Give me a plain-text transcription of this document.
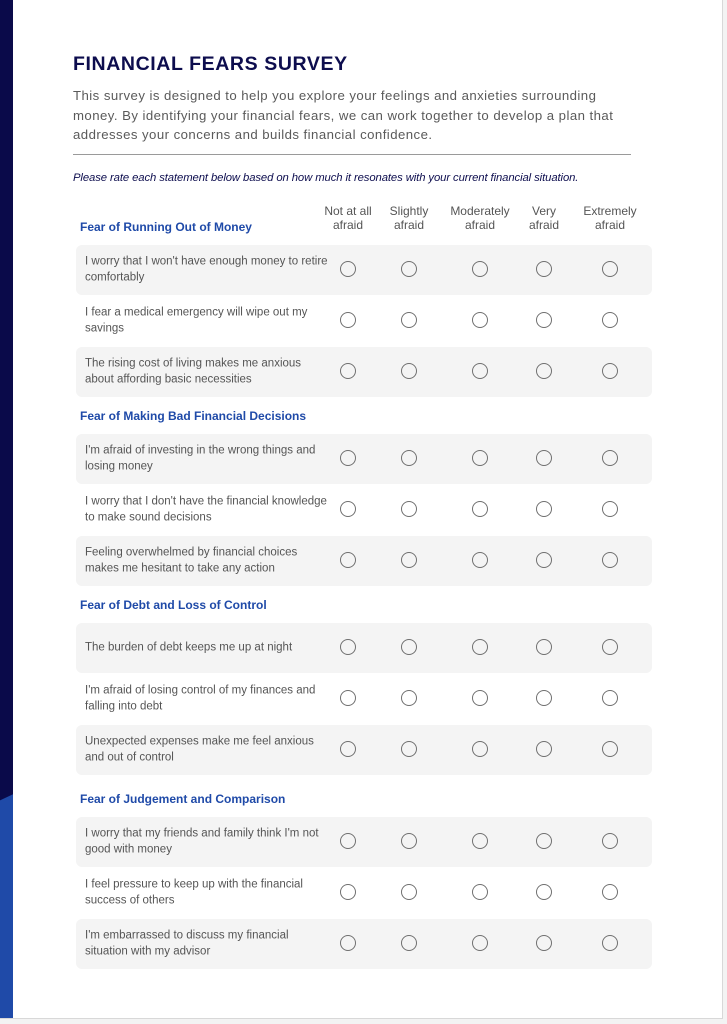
FINANCIAL FEARS SURVEY
This survey is designed to help you explore your feelings and anxieties surrounding money. By identifying your financial fears, we can work together to develop a plan that addresses your concerns and builds financial confidence.
Please rate each statement below based on how much it resonates with your current financial situation.
Not at all afraid
Slightly afraid
Moderately afraid
Very afraid
Extremely afraid
Fear of Running Out of Money
I worry that I won't have enough money to retire comfortably
I fear a medical emergency will wipe out my savings
The rising cost of living makes me anxious about affording basic necessities
Fear of Making Bad Financial Decisions
I'm afraid of investing in the wrong things and losing money
I worry that I don't have the financial knowledge to make sound decisions
Feeling overwhelmed by financial choices makes me hesitant to take any action
Fear of Debt and Loss of Control
The burden of debt keeps me up at night
I'm afraid of losing control of my finances and falling into debt
Unexpected expenses make me feel anxious and out of control
Fear of Judgement and Comparison
I worry that my friends and family think I'm not good with money
I feel pressure to keep up with the financial success of others
I'm embarrassed to discuss my financial situation with my advisor
